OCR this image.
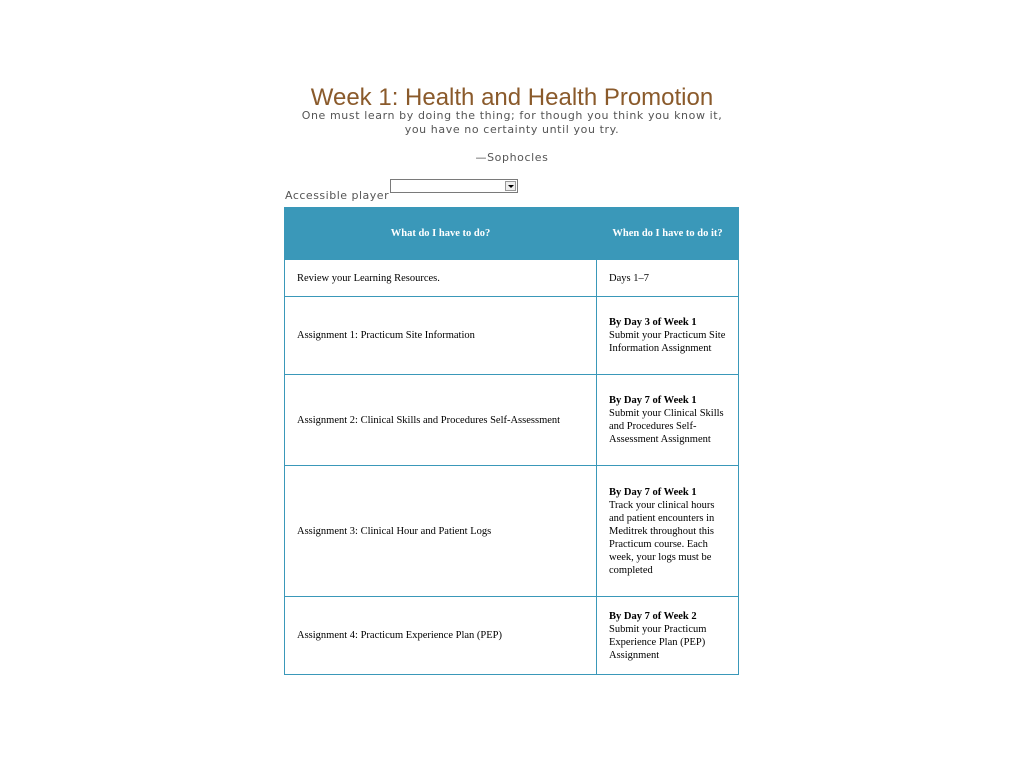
Week 1: Health and Health Promotion
One must learn by doing the thing; for though you think you know it, you have no certainty until you try.
—Sophocles
Accessible player
What do I have to do?	When do I have to do it?
Review your Learning Resources.	Days 1–7

Assignment 1: Practicum Site Information	By Day 3 of Week 1
Submit your Practicum Site Information Assignment

Assignment 2: Clinical Skills and Procedures Self-Assessment	By Day 7 of Week 1
Submit your Clinical Skills and Procedures Self-Assessment Assignment

Assignment 3: Clinical Hour and Patient Logs	By Day 7 of Week 1
Track your clinical hours and patient encounters in Meditrek throughout this Practicum course. Each week, your logs must be completed

Assignment 4: Practicum Experience Plan (PEP)	By Day 7 of Week 2
Submit your Practicum Experience Plan (PEP) Assignment
